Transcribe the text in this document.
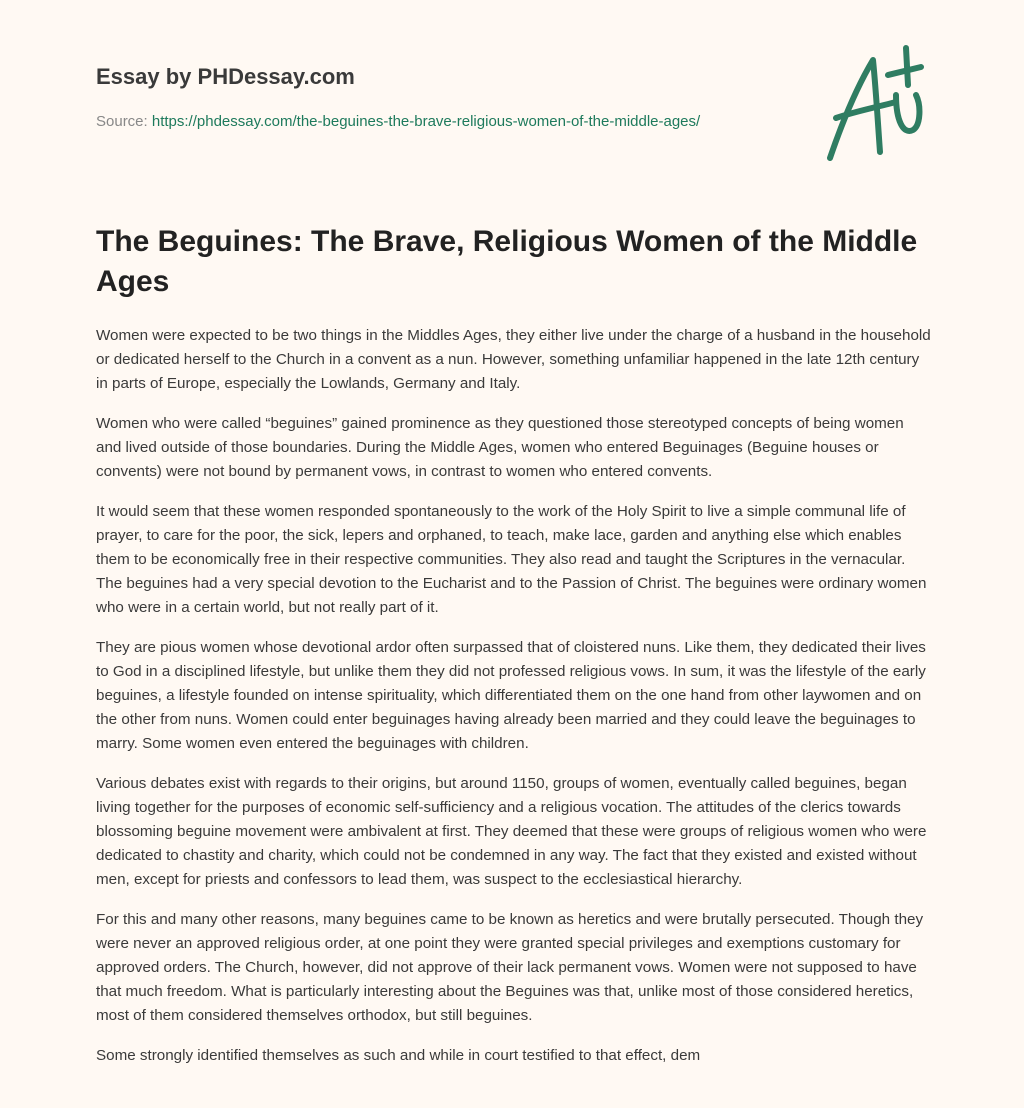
Essay by PHDessay.com
Source: https://phdessay.com/the-beguines-the-brave-religious-women-of-the-middle-ages/
The Beguines: The Brave, Religious Women of the Middle Ages

Women were expected to be two things in the Middles Ages, they either live under the charge of a husband in the household or dedicated herself to the Church in a convent as a nun. However, something unfamiliar happened in the late 12th century in parts of Europe, especially the Lowlands, Germany and Italy.

Women who were called “beguines” gained prominence as they questioned those stereotyped concepts of being women and lived outside of those boundaries. During the Middle Ages, women who entered Beguinages (Beguine houses or convents) were not bound by permanent vows, in contrast to women who entered convents.

It would seem that these women responded spontaneously to the work of the Holy Spirit to live a simple communal life of prayer, to care for the poor, the sick, lepers and orphaned, to teach, make lace, garden and anything else which enables them to be economically free in their respective communities. They also read and taught the Scriptures in the vernacular. The beguines had a very special devotion to the Eucharist and to the Passion of Christ. The beguines were ordinary women who were in a certain world, but not really part of it.

They are pious women whose devotional ardor often surpassed that of cloistered nuns. Like them, they dedicated their lives to God in a disciplined lifestyle, but unlike them they did not professed religious vows. In sum, it was the lifestyle of the early beguines, a lifestyle founded on intense spirituality, which differentiated them on the one hand from other laywomen and on the other from nuns. Women could enter beguinages having already been married and they could leave the beguinages to marry. Some women even entered the beguinages with children.

Various debates exist with regards to their origins, but around 1150, groups of women, eventually called beguines, began living together for the purposes of economic self-sufficiency and a religious vocation. The attitudes of the clerics towards blossoming beguine movement were ambivalent at first. They deemed that these were groups of religious women who were dedicated to chastity and charity, which could not be condemned in any way. The fact that they existed and existed without men, except for priests and confessors to lead them, was suspect to the ecclesiastical hierarchy.

For this and many other reasons, many beguines came to be known as heretics and were brutally persecuted. Though they were never an approved religious order, at one point they were granted special privileges and exemptions customary for approved orders. The Church, however, did not approve of their lack permanent vows. Women were not supposed to have that much freedom. What is particularly interesting about the Beguines was that, unlike most of those considered heretics, most of them considered themselves orthodox, but still beguines.

Some strongly identified themselves as such and while in court testified to that effect, dem
